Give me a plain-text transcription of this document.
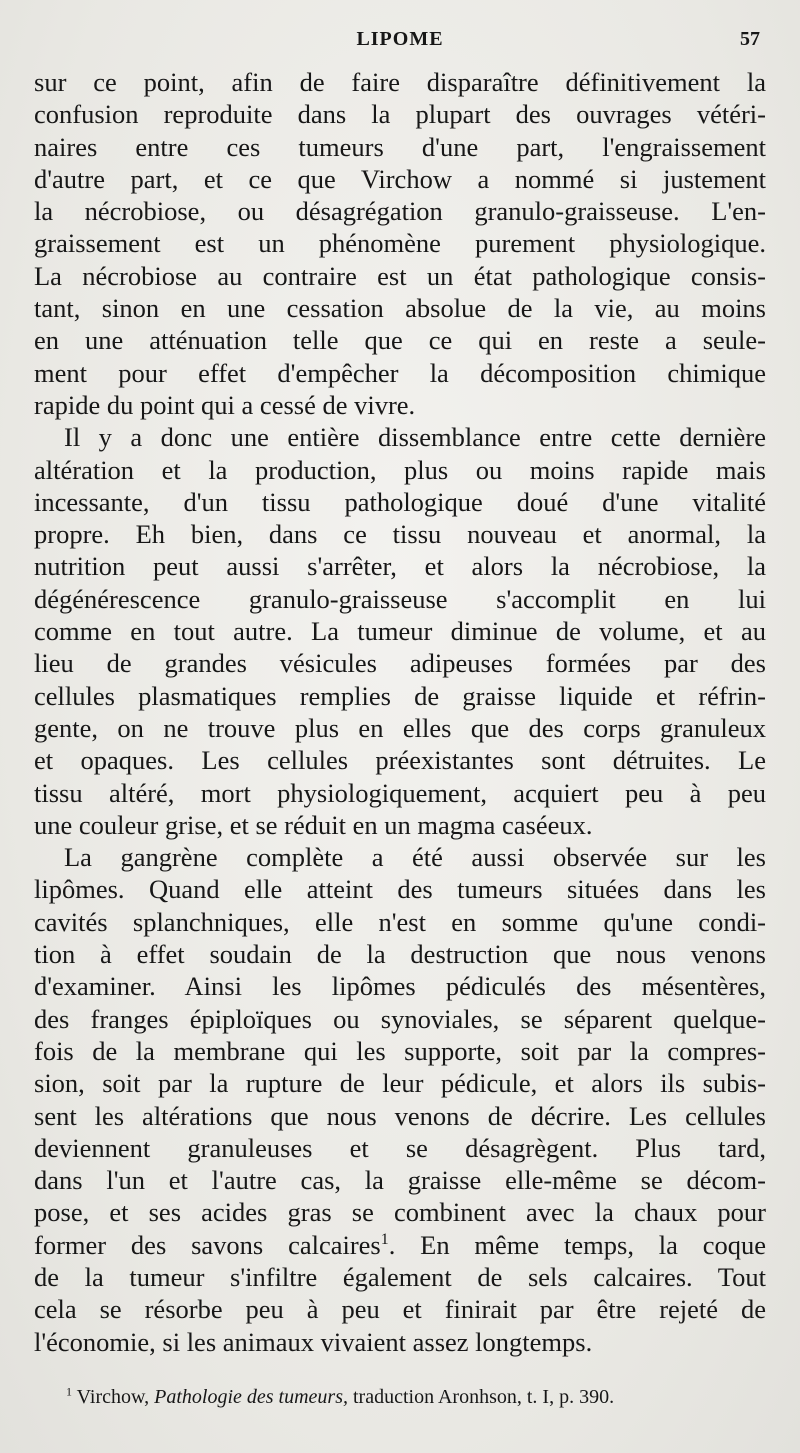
LIPOME	57
sur ce point, afin de faire disparaître définitivement la
confusion reproduite dans la plupart des ouvrages vétéri-
naires entre ces tumeurs d'une part, l'engraissement
d'autre part, et ce que Virchow a nommé si justement
la nécrobiose, ou désagrégation granulo-graisseuse. L'en-
graissement est un phénomène purement physiologique.
La nécrobiose au contraire est un état pathologique consis-
tant, sinon en une cessation absolue de la vie, au moins
en une atténuation telle que ce qui en reste a seule-
ment pour effet d'empêcher la décomposition chimique
rapide du point qui a cessé de vivre.
Il y a donc une entière dissemblance entre cette dernière
altération et la production, plus ou moins rapide mais
incessante, d'un tissu pathologique doué d'une vitalité
propre. Eh bien, dans ce tissu nouveau et anormal, la
nutrition peut aussi s'arrêter, et alors la nécrobiose, la
dégénérescence granulo-graisseuse s'accomplit en lui
comme en tout autre. La tumeur diminue de volume, et au
lieu de grandes vésicules adipeuses formées par des
cellules plasmatiques remplies de graisse liquide et réfrin-
gente, on ne trouve plus en elles que des corps granuleux
et opaques. Les cellules préexistantes sont détruites. Le
tissu altéré, mort physiologiquement, acquiert peu à peu
une couleur grise, et se réduit en un magma caséeux.
La gangrène complète a été aussi observée sur les
lipômes. Quand elle atteint des tumeurs situées dans les
cavités splanchniques, elle n'est en somme qu'une condi-
tion à effet soudain de la destruction que nous venons
d'examiner. Ainsi les lipômes pédiculés des mésentères,
des franges épiploïques ou synoviales, se séparent quelque-
fois de la membrane qui les supporte, soit par la compres-
sion, soit par la rupture de leur pédicule, et alors ils subis-
sent les altérations que nous venons de décrire. Les cellules
deviennent granuleuses et se désagrègent. Plus tard,
dans l'un et l'autre cas, la graisse elle-même se décom-
pose, et ses acides gras se combinent avec la chaux pour
former des savons calcaires$^1$. En même temps, la coque
de la tumeur s'infiltre également de sels calcaires. Tout
cela se résorbe peu à peu et finirait par être rejeté de
l'économie, si les animaux vivaient assez longtemps.
$^1$ Virchow, Pathologie des tumeurs, traduction Aronhson, t. I, p. 390.
